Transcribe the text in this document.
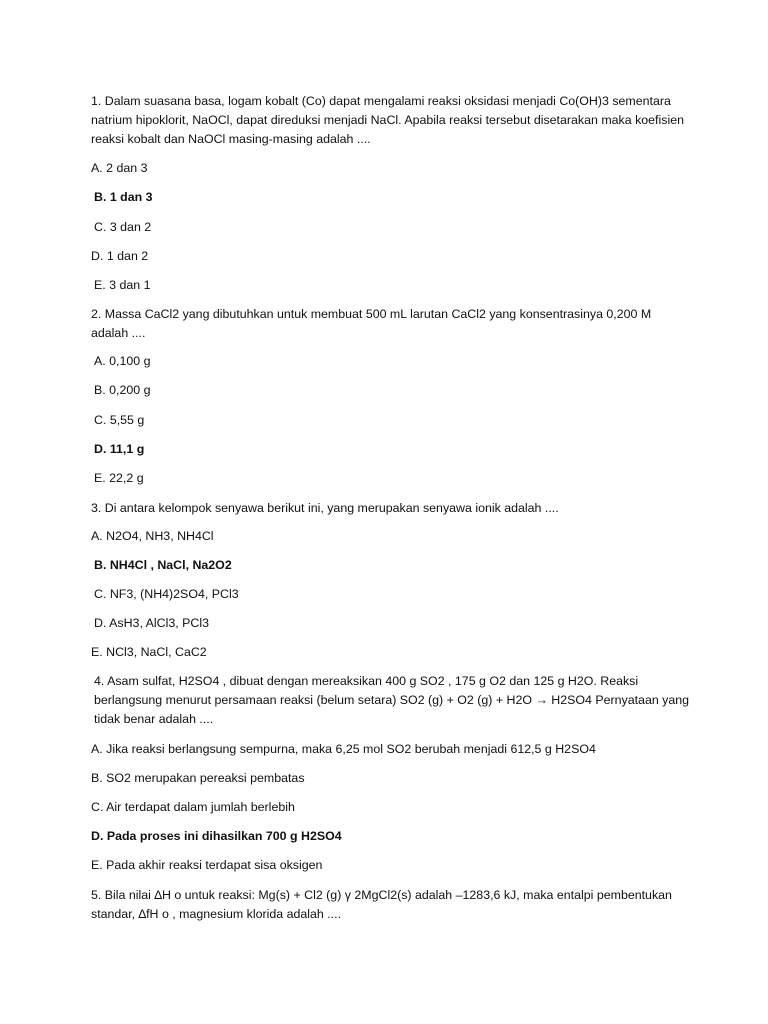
1. Dalam suasana basa, logam kobalt (Co) dapat mengalami reaksi oksidasi menjadi Co(OH)3 sementara natrium hipoklorit, NaOCl, dapat direduksi menjadi NaCl. Apabila reaksi tersebut disetarakan maka koefisien reaksi kobalt dan NaOCl masing-masing adalah ....

A. 2 dan 3

B. 1 dan 3

C. 3 dan 2

D. 1 dan 2

E. 3 dan 1

2. Massa CaCl2 yang dibutuhkan untuk membuat 500 mL larutan CaCl2 yang konsentrasinya 0,200 M adalah ....

A. 0,100 g

B. 0,200 g

C. 5,55 g

D. 11,1 g

E. 22,2 g

3. Di antara kelompok senyawa berikut ini, yang merupakan senyawa ionik adalah ....

A. N2O4, NH3, NH4Cl

B. NH4Cl , NaCl, Na2O2

C. NF3, (NH4)2SO4, PCl3

D. AsH3, AlCl3, PCl3

E. NCl3, NaCl, CaC2

4. Asam sulfat, H2SO4 , dibuat dengan mereaksikan 400 g SO2 , 175 g O2 dan 125 g H2O. Reaksi berlangsung menurut persamaan reaksi (belum setara) SO2 (g) + O2 (g) + H2O → H2SO4 Pernyataan yang tidak benar adalah ....

A. Jika reaksi berlangsung sempurna, maka 6,25 mol SO2 berubah menjadi 612,5 g H2SO4

B. SO2 merupakan pereaksi pembatas

C. Air terdapat dalam jumlah berlebih

D. Pada proses ini dihasilkan 700 g H2SO4

E. Pada akhir reaksi terdapat sisa oksigen

5. Bila nilai ∆H o untuk reaksi: Mg(s) + Cl2 (g) γ 2MgCl2(s) adalah –1283,6 kJ, maka entalpi pembentukan standar, ∆fH o , magnesium klorida adalah ....
